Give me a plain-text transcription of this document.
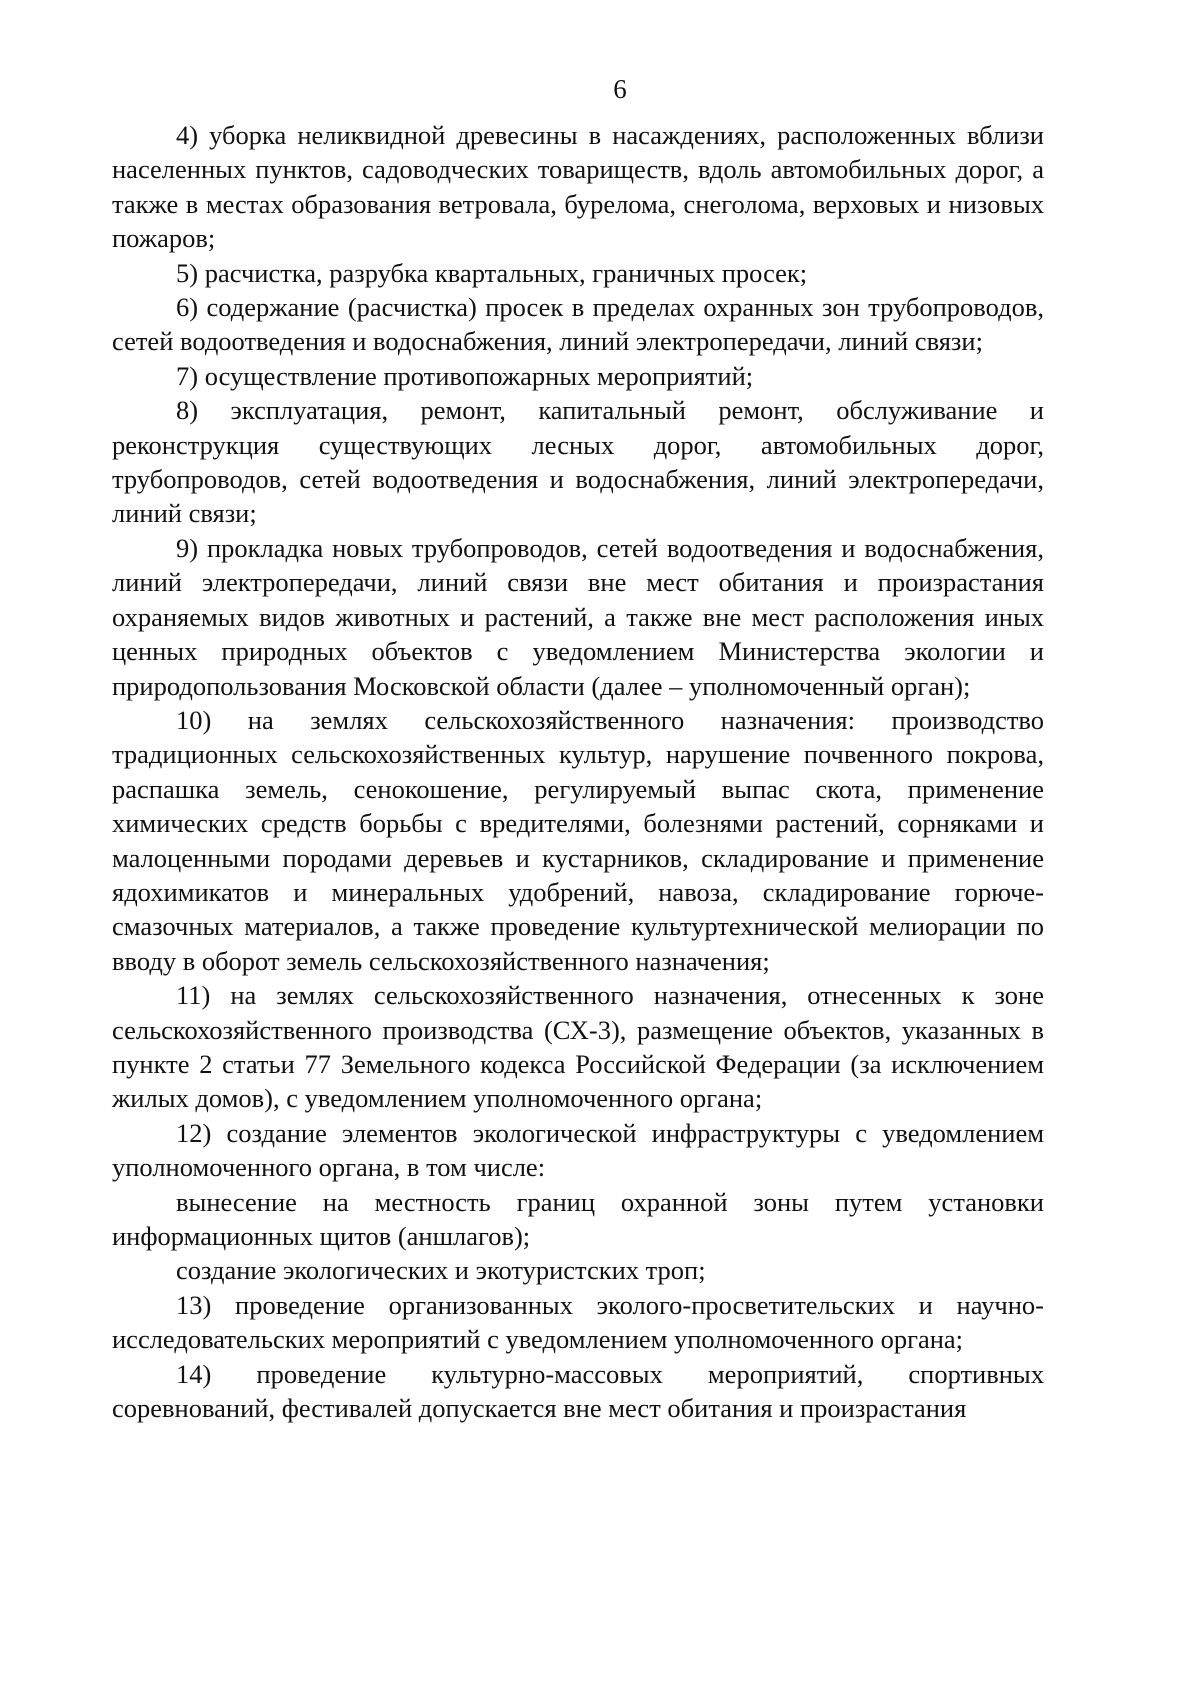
6

4) уборка неликвидной древесины в насаждениях, расположенных вблизи населенных пунктов, садоводческих товариществ, вдоль автомобильных дорог, а также в местах образования ветровала, бурелома, снеголома, верховых и низовых пожаров;

5) расчистка, разрубка квартальных, граничных просек;

6) содержание (расчистка) просек в пределах охранных зон трубопроводов, сетей водоотведения и водоснабжения, линий электропередачи, линий связи;

7) осуществление противопожарных мероприятий;

8) эксплуатация, ремонт, капитальный ремонт, обслуживание и реконструкция существующих лесных дорог, автомобильных дорог, трубопроводов, сетей водоотведения и водоснабжения, линий электропередачи, линий связи;

9) прокладка новых трубопроводов, сетей водоотведения и водоснабжения, линий электропередачи, линий связи вне мест обитания и произрастания охраняемых видов животных и растений, а также вне мест расположения иных ценных природных объектов с уведомлением Министерства экологии и природопользования Московской области (далее – уполномоченный орган);

10) на землях сельскохозяйственного назначения: производство традиционных сельскохозяйственных культур, нарушение почвенного покрова, распашка земель, сенокошение, регулируемый выпас скота, применение химических средств борьбы с вредителями, болезнями растений, сорняками и малоценными породами деревьев и кустарников, складирование и применение ядохимикатов и минеральных удобрений, навоза, складирование горюче-смазочных материалов, а также проведение культуртехнической мелиорации по вводу в оборот земель сельскохозяйственного назначения;

11) на землях сельскохозяйственного назначения, отнесенных к зоне сельскохозяйственного производства (СХ-3), размещение объектов, указанных в пункте 2 статьи 77 Земельного кодекса Российской Федерации (за исключением жилых домов), с уведомлением уполномоченного органа;

12) создание элементов экологической инфраструктуры с уведомлением уполномоченного органа, в том числе:

вынесение на местность границ охранной зоны путем установки информационных щитов (аншлагов);

создание экологических и экотуристских троп;

13) проведение организованных эколого-просветительских и научно-исследовательских мероприятий с уведомлением уполномоченного органа;

14) проведение культурно-массовых мероприятий, спортивных соревнований, фестивалей допускается вне мест обитания и произрастания
